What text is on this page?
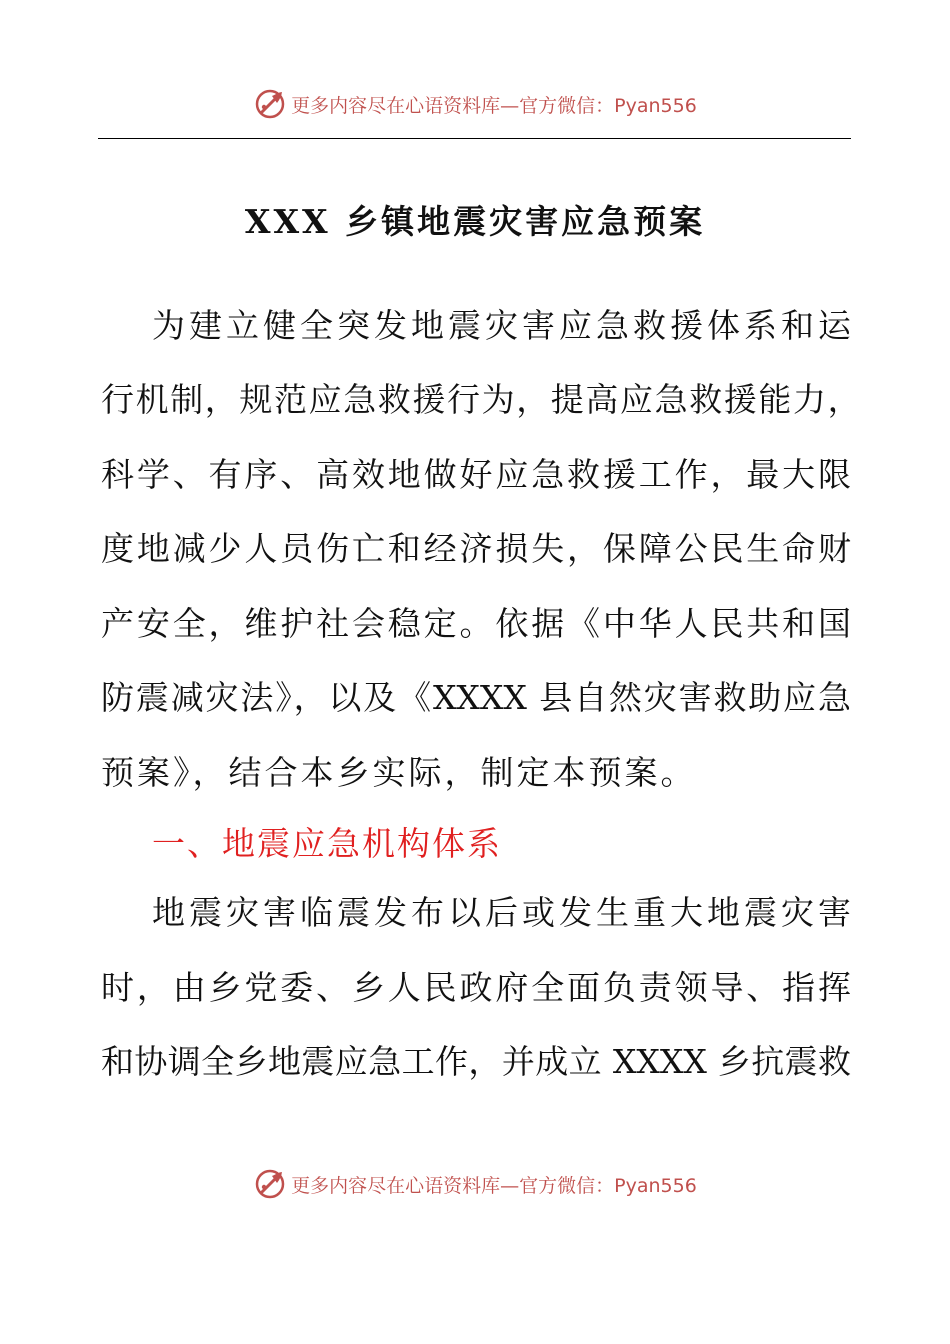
更多内容尽在心语资料库—官方微信：Pyan556
XXX 乡镇地震灾害应急预案
为建立健全突发地震灾害应急救援体系和运
行机制，规范应急救援行为，提高应急救援能力，
科学、有序、高效地做好应急救援工作，最大限
度地减少人员伤亡和经济损失，保障公民生命财
产安全，维护社会稳定。依据《中华人民共和国
防震减灾法》，以及《XXXX 县自然灾害救助应急
预案》，结合本乡实际，制定本预案。
一、地震应急机构体系
地震灾害临震发布以后或发生重大地震灾害
时，由乡党委、乡人民政府全面负责领导、指挥
和协调全乡地震应急工作，并成立 XXXX 乡抗震救
更多内容尽在心语资料库—官方微信：Pyan556
